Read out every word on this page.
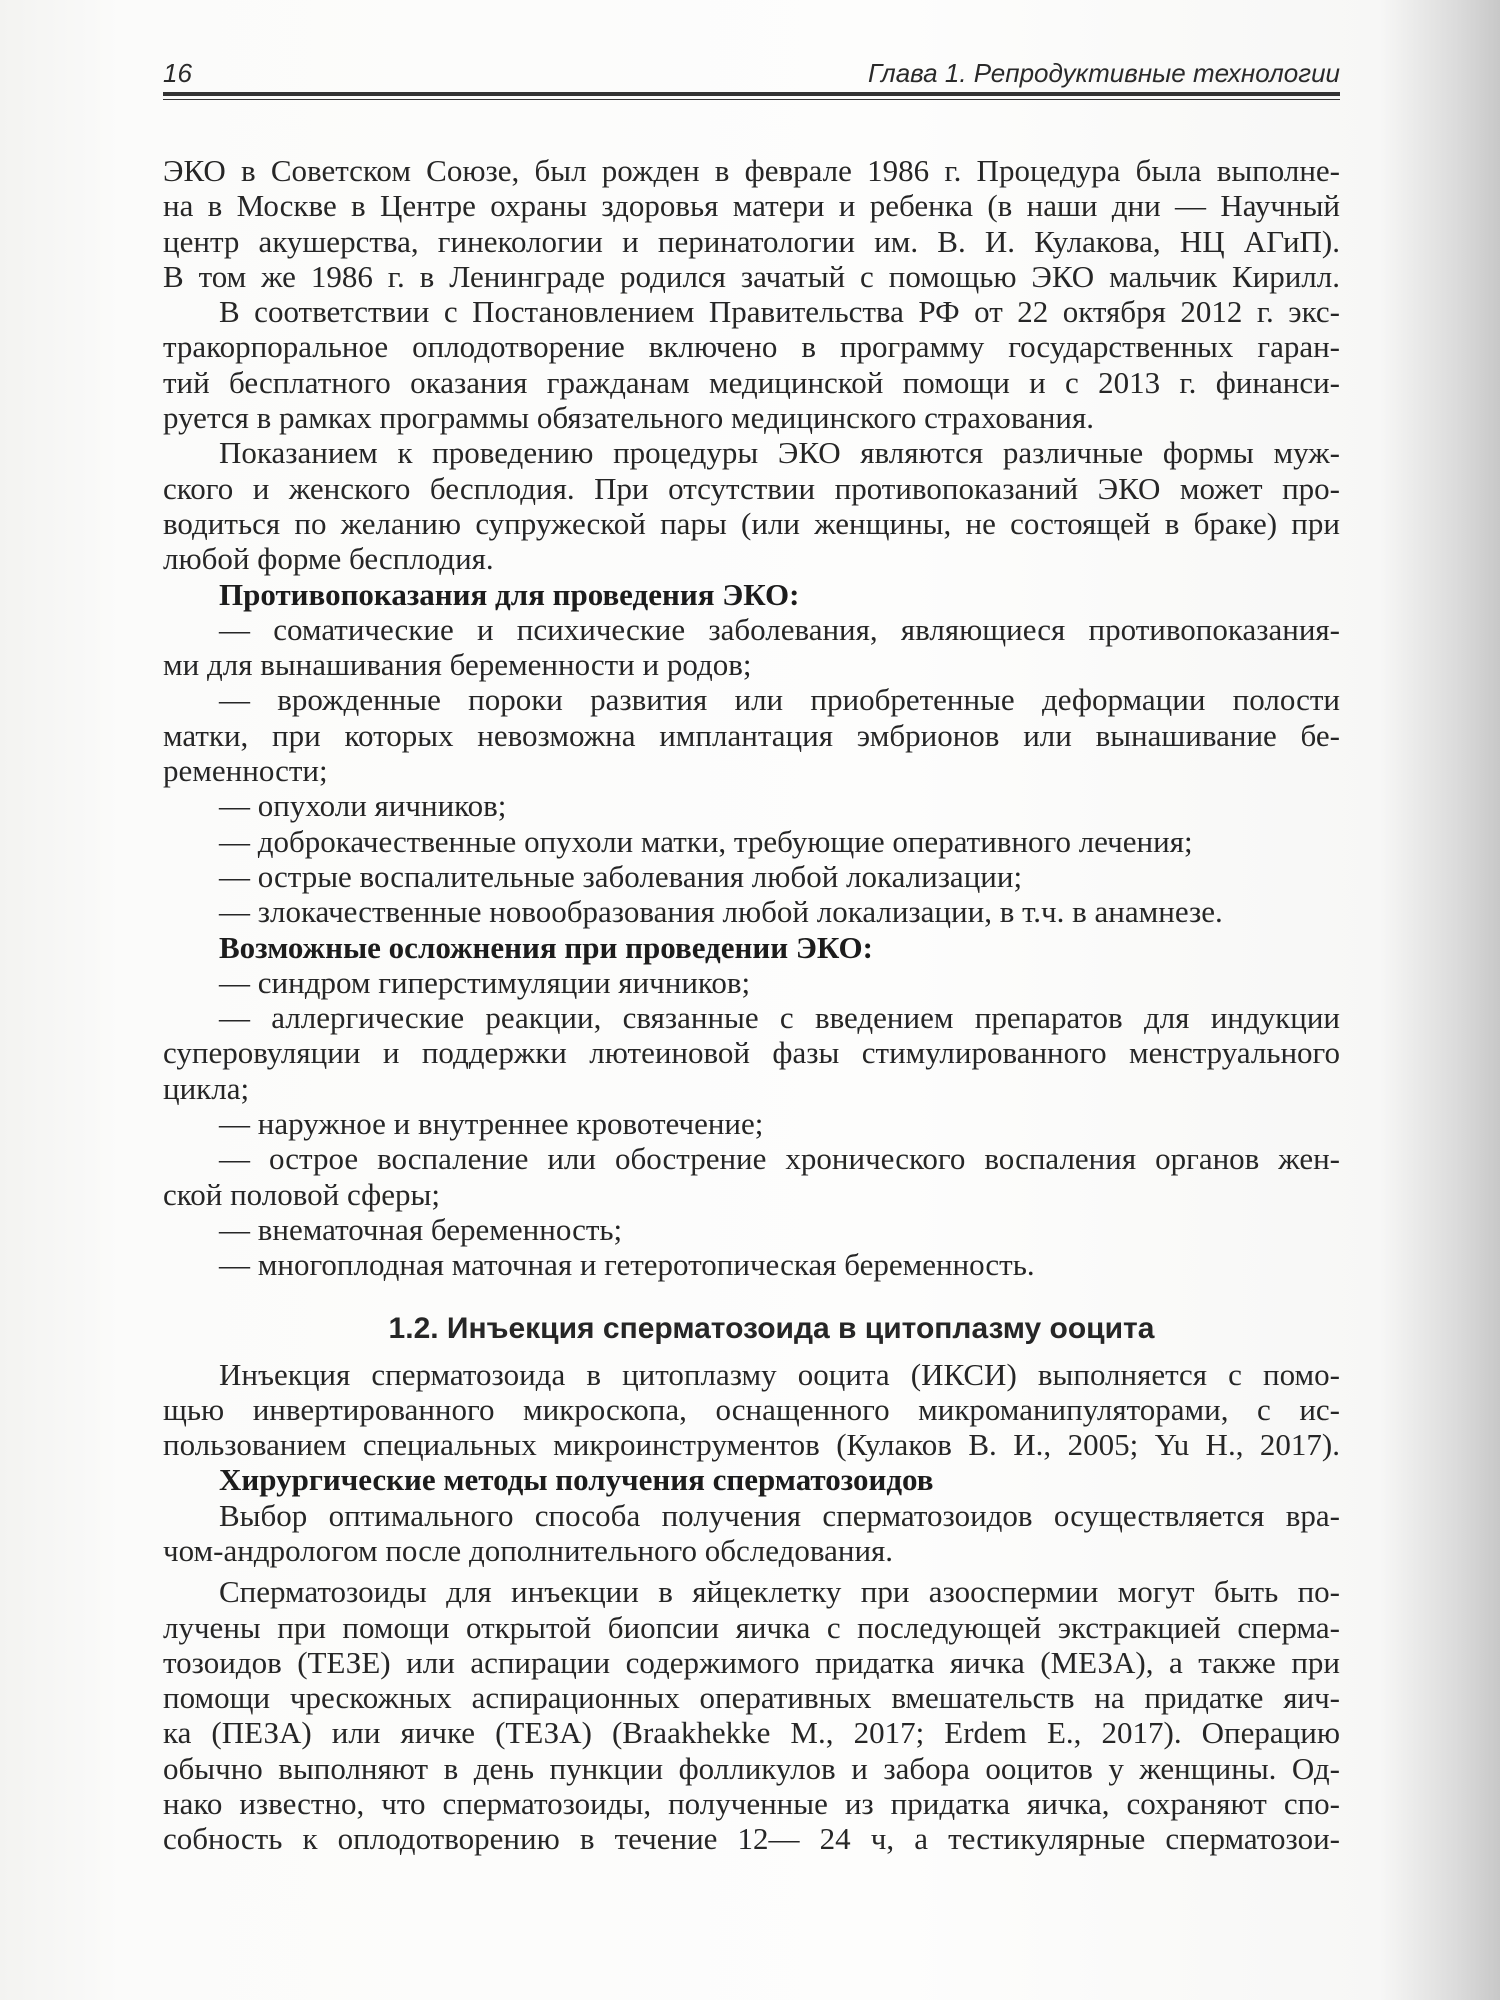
16	Глава 1. Репродуктивные технологии
ЭКО в Советском Союзе, был рожден в феврале 1986 г. Процедура была выполне-
на в Москве в Центре охраны здоровья матери и ребенка (в наши дни — Научный
центр акушерства, гинекологии и перинатологии им. В. И. Кулакова, НЦ АГиП).
В том же 1986 г. в Ленинграде родился зачатый с помощью ЭКО мальчик Кирилл.
В соответствии с Постановлением Правительства РФ от 22 октября 2012 г. экс-
тракорпоральное оплодотворение включено в программу государственных гаран-
тий бесплатного оказания гражданам медицинской помощи и с 2013 г. финанси-
руется в рамках программы обязательного медицинского страхования.
Показанием к проведению процедуры ЭКО являются различные формы муж-
ского и женского бесплодия. При отсутствии противопоказаний ЭКО может про-
водиться по желанию супружеской пары (или женщины, не состоящей в браке) при
любой форме бесплодия.
Противопоказания для проведения ЭКО:
— соматические и психические заболевания, являющиеся противопоказания-
ми для вынашивания беременности и родов;
— врожденные пороки развития или приобретенные деформации полости
матки, при которых невозможна имплантация эмбрионов или вынашивание бе-
ременности;
— опухоли яичников;
— доброкачественные опухоли матки, требующие оперативного лечения;
— острые воспалительные заболевания любой локализации;
— злокачественные новообразования любой локализации, в т.ч. в анамнезе.
Возможные осложнения при проведении ЭКО:
— синдром гиперстимуляции яичников;
— аллергические реакции, связанные с введением препаратов для индукции
суперовуляции и поддержки лютеиновой фазы стимулированного менструального
цикла;
— наружное и внутреннее кровотечение;
— острое воспаление или обострение хронического воспаления органов жен-
ской половой сферы;
— внематочная беременность;
— многоплодная маточная и гетеротопическая беременность.
1.2. Инъекция сперматозоида в цитоплазму ооцита
Инъекция сперматозоида в цитоплазму ооцита (ИКСИ) выполняется с помо-
щью инвертированного микроскопа, оснащенного микроманипуляторами, с ис-
пользованием специальных микроинструментов (Кулаков В. И., 2005; Yu H., 2017).
Хирургические методы получения сперматозоидов
Выбор оптимального способа получения сперматозоидов осуществляется вра-
чом-андрологом после дополнительного обследования.
Сперматозоиды для инъекции в яйцеклетку при азооспермии могут быть по-
лучены при помощи открытой биопсии яичка с последующей экстракцией сперма-
тозоидов (ТЕЗЕ) или аспирации содержимого придатка яичка (МЕЗА), а также при
помощи чрескожных аспирационных оперативных вмешательств на придатке яич-
ка (ПЕЗА) или яичке (ТЕЗА) (Braakhekke M., 2017; Erdem E., 2017). Операцию
обычно выполняют в день пункции фолликулов и забора ооцитов у женщины. Од-
нако известно, что сперматозоиды, полученные из придатка яичка, сохраняют спо-
собность к оплодотворению в течение 12— 24 ч, а тестикулярные сперматозои-
